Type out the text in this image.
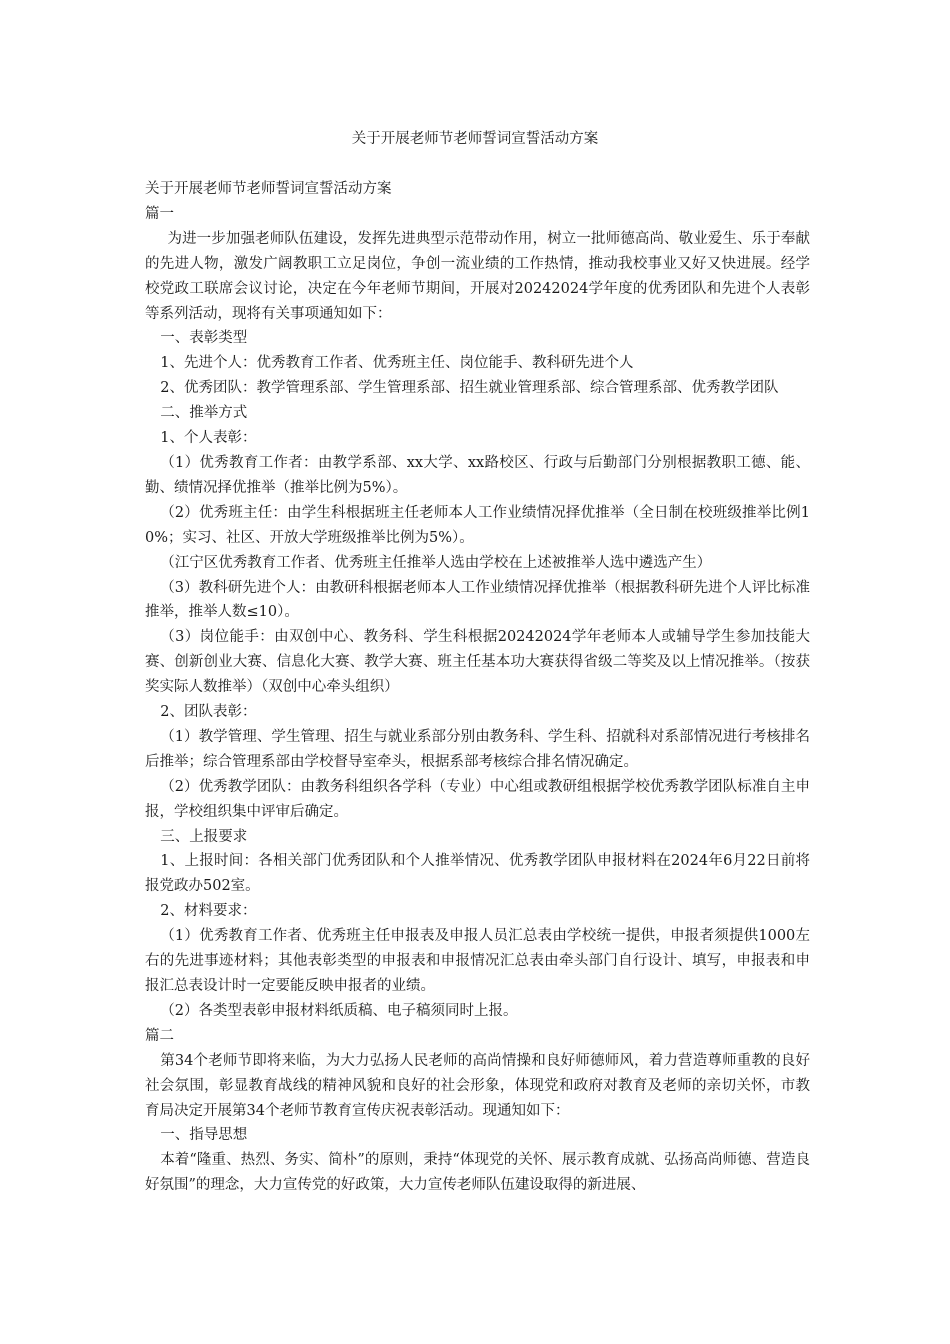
关于开展老师节老师誓词宣誓活动方案

关于开展老师节老师誓词宣誓活动方案

篇一

为进一步加强老师队伍建设，发挥先进典型示范带动作用，树立一批师德高尚、敬业爱生、乐于奉献的先进人物，激发广阔教职工立足岗位，争创一流业绩的工作热情，推动我校事业又好又快进展。经学校党政工联席会议讨论，决定在今年老师节期间，开展对20242024学年度的优秀团队和先进个人表彰等系列活动，现将有关事项通知如下：

一、表彰类型

1、先进个人：优秀教育工作者、优秀班主任、岗位能手、教科研先进个人

2、优秀团队：教学管理系部、学生管理系部、招生就业管理系部、综合管理系部、优秀教学团队

二、推举方式

1、个人表彰：

（1）优秀教育工作者：由教学系部、xx大学、xx路校区、行政与后勤部门分别根据教职工德、能、勤、绩情况择优推举（推举比例为5%）。

（2）优秀班主任：由学生科根据班主任老师本人工作业绩情况择优推举（全日制在校班级推举比例10%；实习、社区、开放大学班级推举比例为5%）。

（江宁区优秀教育工作者、优秀班主任推举人选由学校在上述被推举人选中遴选产生）

（3）教科研先进个人：由教研科根据老师本人工作业绩情况择优推举（根据教科研先进个人评比标准推举，推举人数≤10）。

（3）岗位能手：由双创中心、教务科、学生科根据20242024学年老师本人或辅导学生参加技能大赛、创新创业大赛、信息化大赛、教学大赛、班主任基本功大赛获得省级二等奖及以上情况推举。（按获奖实际人数推举）（双创中心牵头组织）

2、团队表彰：

（1）教学管理、学生管理、招生与就业系部分别由教务科、学生科、招就科对系部情况进行考核排名后推举；综合管理系部由学校督导室牵头，根据系部考核综合排名情况确定。

（2）优秀教学团队：由教务科组织各学科（专业）中心组或教研组根据学校优秀教学团队标准自主申报，学校组织集中评审后确定。

三、上报要求

1、上报时间：各相关部门优秀团队和个人推举情况、优秀教学团队申报材料在2024年6月22日前将报党政办502室。

2、材料要求：

（1）优秀教育工作者、优秀班主任申报表及申报人员汇总表由学校统一提供，申报者须提供1000左右的先进事迹材料；其他表彰类型的申报表和申报情况汇总表由牵头部门自行设计、填写，申报表和申报汇总表设计时一定要能反映申报者的业绩。

（2）各类型表彰申报材料纸质稿、电子稿须同时上报。

篇二

第34个老师节即将来临，为大力弘扬人民老师的高尚情操和良好师德师风，着力营造尊师重教的良好社会氛围，彰显教育战线的精神风貌和良好的社会形象，体现党和政府对教育及老师的亲切关怀，市教育局决定开展第34个老师节教育宣传庆祝表彰活动。现通知如下：

一、指导思想

本着“隆重、热烈、务实、简朴”的原则，秉持“体现党的关怀、展示教育成就、弘扬高尚师德、营造良好氛围”的理念，大力宣传党的好政策，大力宣传老师队伍建设取得的新进展、
